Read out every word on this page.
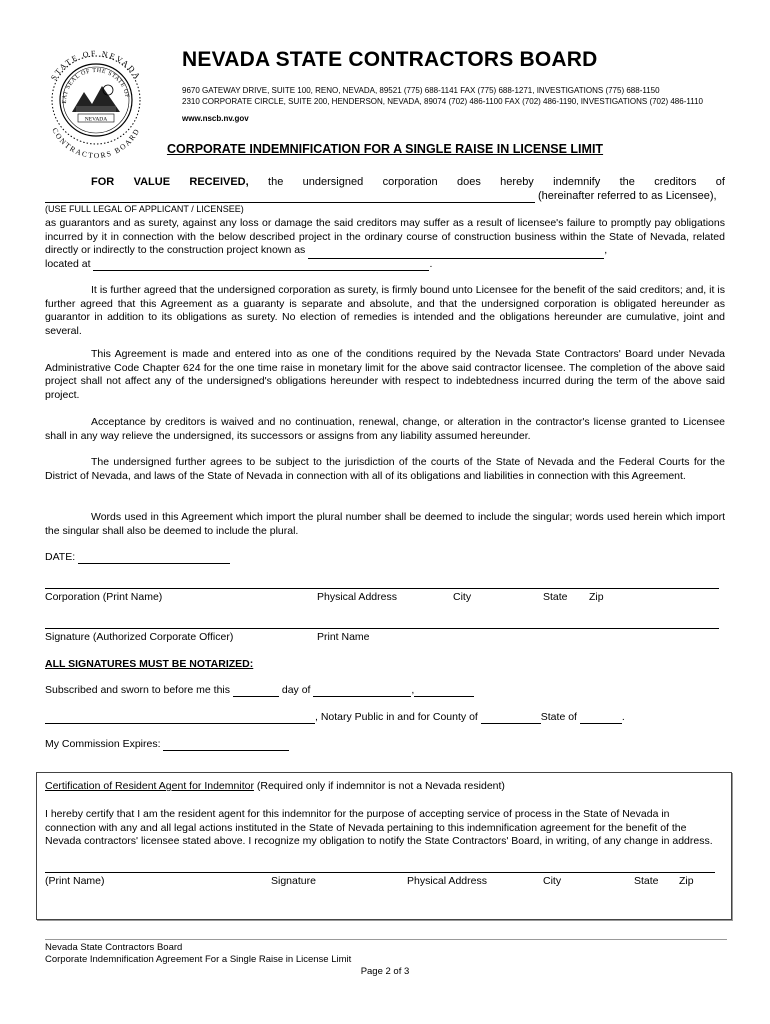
STATE OF NEVADA
EAT SEAL OF THE STATE OF
CONTRACTORS BOARD
NEVADA
NEVADA STATE CONTRACTORS BOARD
9670 GATEWAY DRIVE, SUITE 100, RENO, NEVADA, 89521 (775) 688-1141 FAX (775) 688-1271, INVESTIGATIONS (775) 688-1150
2310 CORPORATE CIRCLE, SUITE 200, HENDERSON, NEVADA, 89074 (702) 486-1100 FAX (702) 486-1190, INVESTIGATIONS (702) 486-1110
www.nscb.nv.gov
CORPORATE INDEMNIFICATION FOR A SINGLE RAISE IN LICENSE LIMIT
FOR VALUE RECEIVED, the undersigned corporation does hereby indemnify the creditors of
(hereinafter referred to as Licensee),
(USE FULL LEGAL OF APPLICANT / LICENSEE)
as guarantors and as surety, against any loss or damage the said creditors may suffer as a result of licensee's failure to promptly pay obligations incurred by it in connection with the below described project in the ordinary course of construction business within the State of Nevada, related directly or indirectly to the construction project known as	,
located at	.
It is further agreed that the undersigned corporation as surety, is firmly bound unto Licensee for the benefit of the said creditors; and, it is further agreed that this Agreement as a guaranty is separate and absolute, and that the undersigned corporation is obligated hereunder as guarantor in addition to its obligations as surety. No election of remedies is intended and the obligations hereunder are cumulative, joint and several.
This Agreement is made and entered into as one of the conditions required by the Nevada State Contractors' Board under Nevada Administrative Code Chapter 624 for the one time raise in monetary limit for the above said contractor licensee. The completion of the above said project shall not affect any of the undersigned's obligations hereunder with respect to indebtedness incurred during the term of the above said project.
Acceptance by creditors is waived and no continuation, renewal, change, or alteration in the contractor's license granted to Licensee shall in any way relieve the undersigned, its successors or assigns from any liability assumed hereunder.
The undersigned further agrees to be subject to the jurisdiction of the courts of the State of Nevada and the Federal Courts for the District of Nevada, and laws of the State of Nevada in connection with all of its obligations and liabilities in connection with this Agreement.
Words used in this Agreement which import the plural number shall be deemed to include the singular; words used herein which import the singular shall also be deemed to include the plural.
DATE:
Corporation (Print Name)	Physical Address	City	State Zip
Signature (Authorized Corporate Officer)	Print Name
ALL SIGNATURES MUST BE NOTARIZED:
Subscribed and sworn to before me this	day of	,
, Notary Public in and for County of	State of	.
My Commission Expires:
Certification of Resident Agent for Indemnitor (Required only if indemnitor is not a Nevada resident)
I hereby certify that I am the resident agent for this indemnitor for the purpose of accepting service of process in the State of Nevada in connection with any and all legal actions instituted in the State of Nevada pertaining to this indemnification agreement for the benefit of the Nevada contractors' licensee stated above. I recognize my obligation to notify the State Contractors' Board, in writing, of any change in address.
(Print Name)	Signature	Physical Address	City	State Zip
Nevada State Contractors Board
Corporate Indemnification Agreement For a Single Raise in License Limit
Page 2 of 3
